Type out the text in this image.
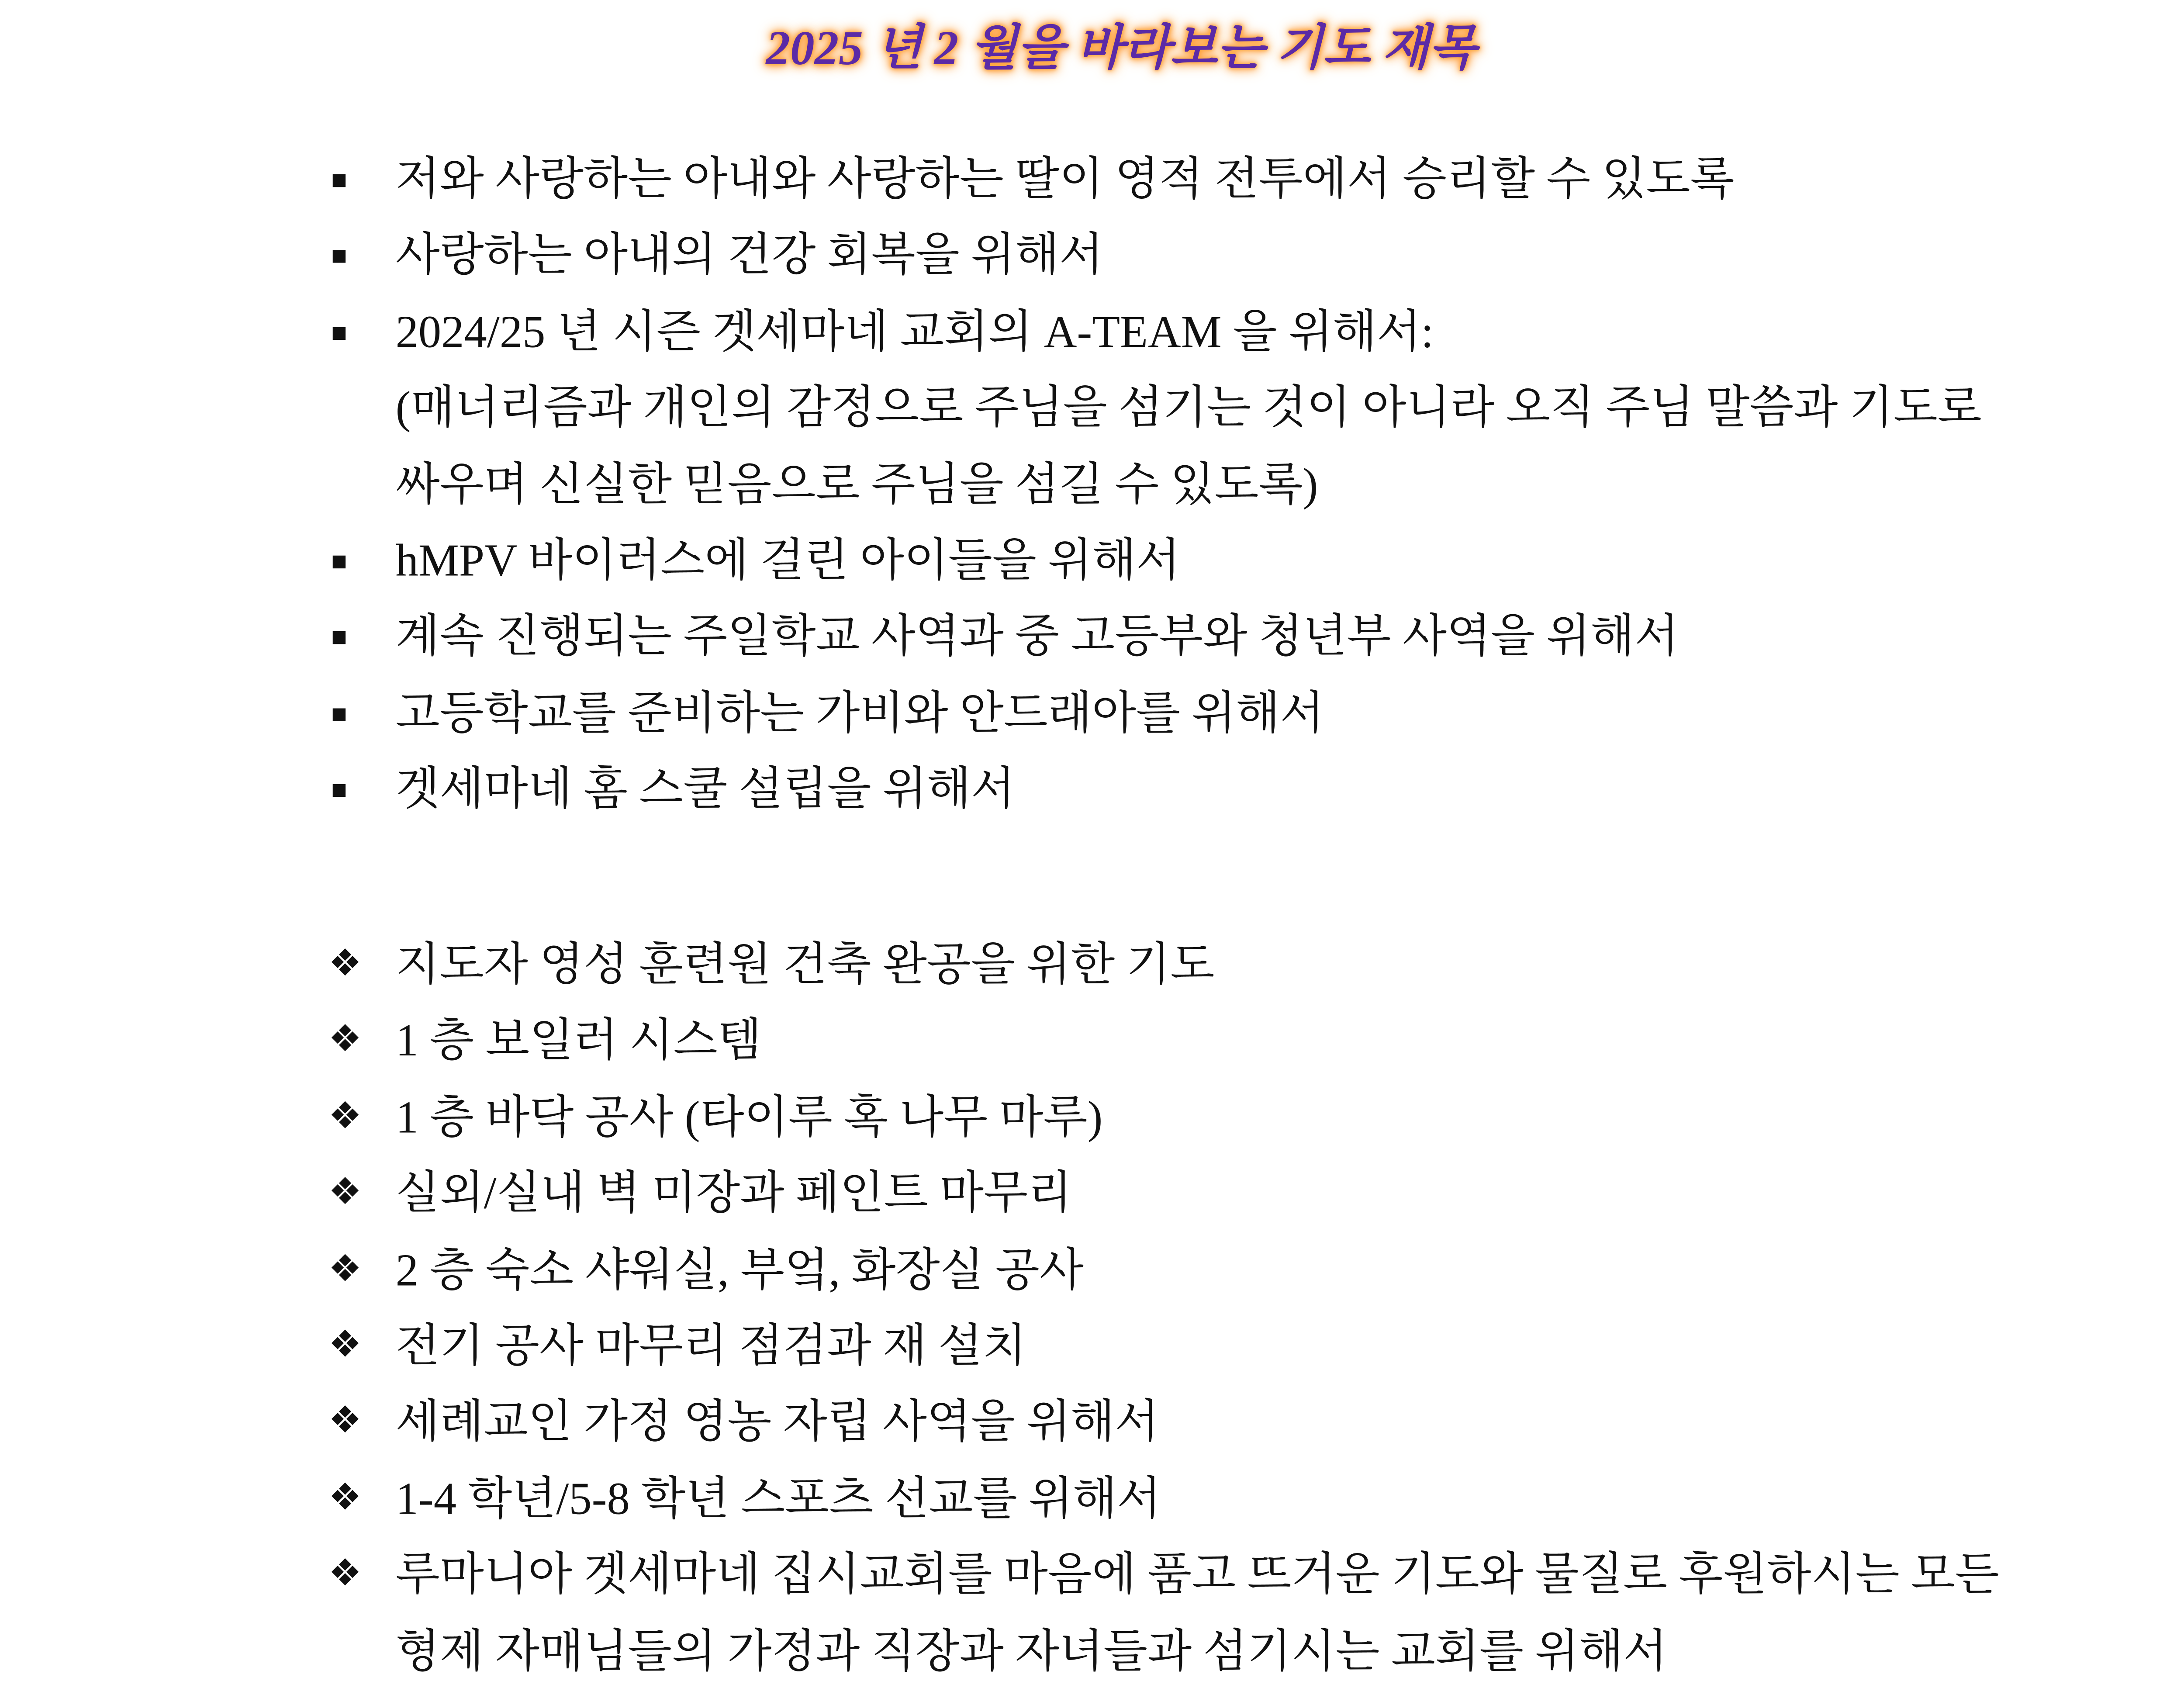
2025 년 2 월을 바라보는 기도 재목
저와 사랑하는 아내와 사랑하는 딸이 영적 전투에서 승리할 수 있도록
사랑하는 아내의 건강 회복을 위해서
2024/25 년 시즌 겟세마네 교회의 A-TEAM 을 위해서:
(매너리즘과 개인의 감정으로 주님을 섬기는 것이 아니라 오직 주님 말씀과 기도로
싸우며 신실한 믿음으로 주님을 섬길 수 있도록)
hMPV 바이러스에 걸린 아이들을 위해서
계속 진행되는 주일학교 사역과 중 고등부와 청년부 사역을 위해서
고등학교를 준비하는 가비와 안드래아를 위해서
겟세마네 홈 스쿨 설립을 위해서
❖ 지도자 영성 훈련원 건축 완공을 위한 기도
❖ 1 층 보일러 시스템
❖ 1 층 바닥 공사 (타이루 혹 나무 마루)
❖ 실외/실내 벽 미장과 페인트 마무리
❖ 2 층 숙소 샤워실, 부엌, 화장실 공사
❖ 전기 공사 마무리 점검과 재 설치
❖ 세례교인 가정 영농 자립 사역을 위해서
❖ 1-4 학년/5-8 학년 스포츠 선교를 위해서
❖ 루마니아 겟세마네 집시교회를 마음에 품고 뜨거운 기도와 물질로 후원하시는 모든
형제 자매님들의 가정과 직장과 자녀들과 섬기시는 교회를 위해서
